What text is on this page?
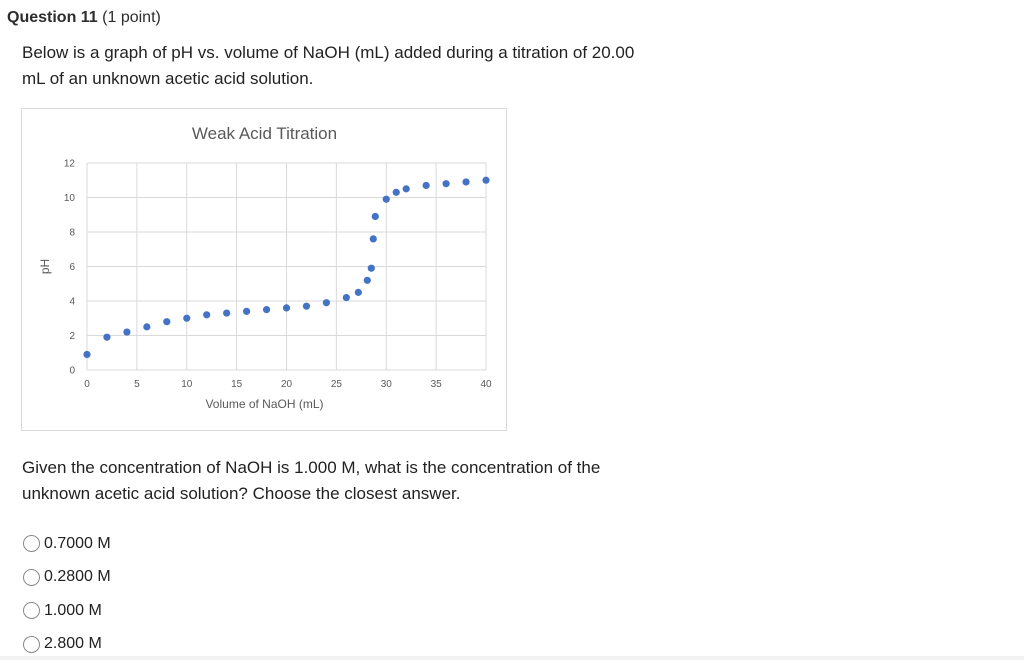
Question 11 (1 point)
Below is a graph of pH vs. volume of NaOH (mL) added during a titration of 20.00 mL of an unknown acetic acid solution.
0	5	10	15	20	25	30	35	40
0
2
4
6
8
10
12
Weak Acid Titration
Volume of NaOH (mL)
pH
Given the concentration of NaOH is 1.000 M, what is the concentration of the unknown acetic acid solution? Choose the closest answer.
0.7000 M
0.2800 M
1.000 M
2.800 M
